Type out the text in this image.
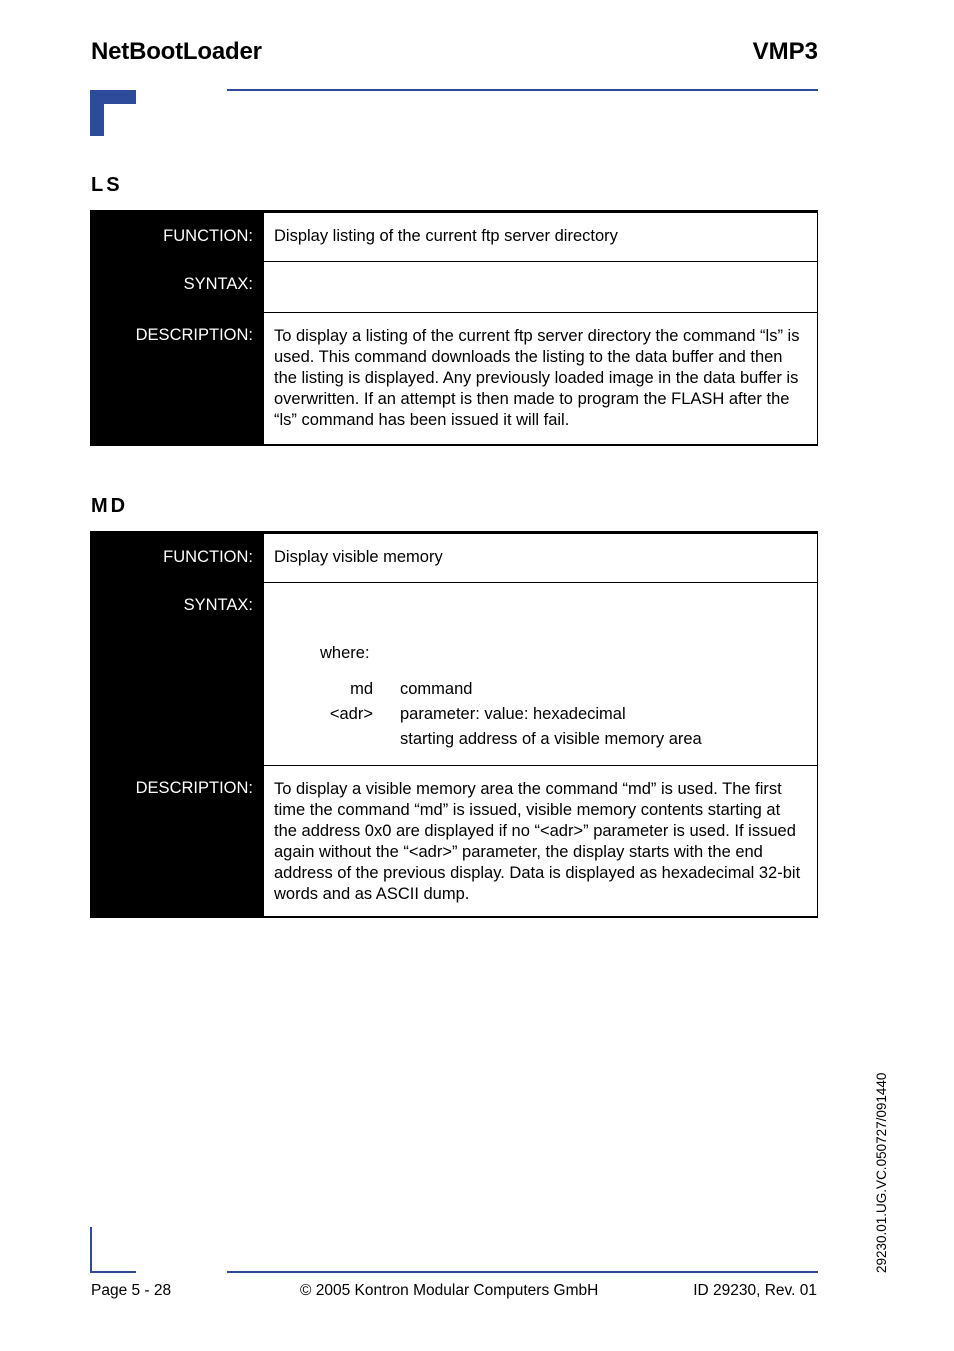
NetBootLoader	VMP3
LS
FUNCTION:	Display listing of the current ftp server directory
SYNTAX:
DESCRIPTION:	To display a listing of the current ftp server directory the command “ls” is used. This command downloads the listing to the data buffer and then the listing is displayed. Any previously loaded image in the data buffer is overwritten. If an attempt is then made to program the FLASH after the “ls” command has been issued it will fail.
MD
FUNCTION:	Display visible memory
SYNTAX:
where:
md command
<adr> parameter: value: hexadecimal
starting address of a visible memory area
DESCRIPTION:	To display a visible memory area the command “md” is used. The first time the command “md” is issued, visible memory contents starting at the address 0x0 are displayed if no “<adr>” parameter is used. If issued again without the “<adr>” parameter, the display starts with the end address of the previous display. Data is displayed as hexadecimal 32-bit words and as ASCII dump.
29230.01.UG.VC.050727/091440
Page 5 - 28	© 2005 Kontron Modular Computers GmbH	ID 29230, Rev. 01
